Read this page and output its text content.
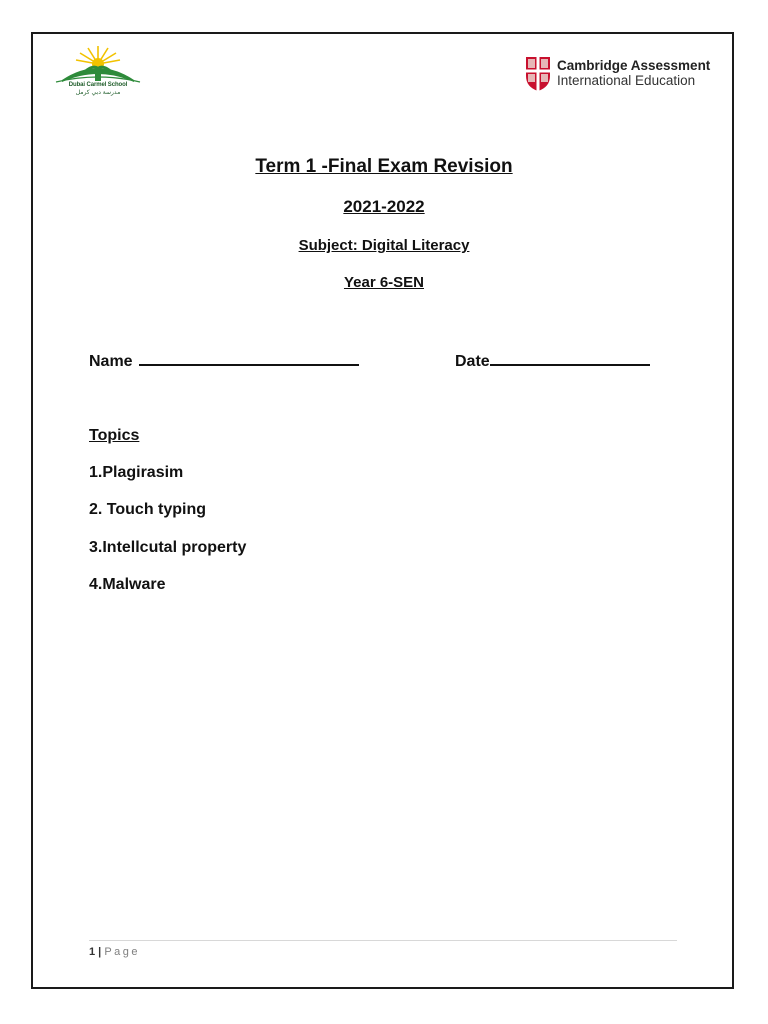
Dubai Carmel School
مدرسة دبي كرمل
Cambridge Assessment
International Education
Term 1 -Final Exam Revision
2021-2022
Subject: Digital Literacy
Year 6-SEN
Name	Date
Topics
1.Plagirasim
2. Touch typing
3.Intellcutal property
4.Malware
1 | Page
